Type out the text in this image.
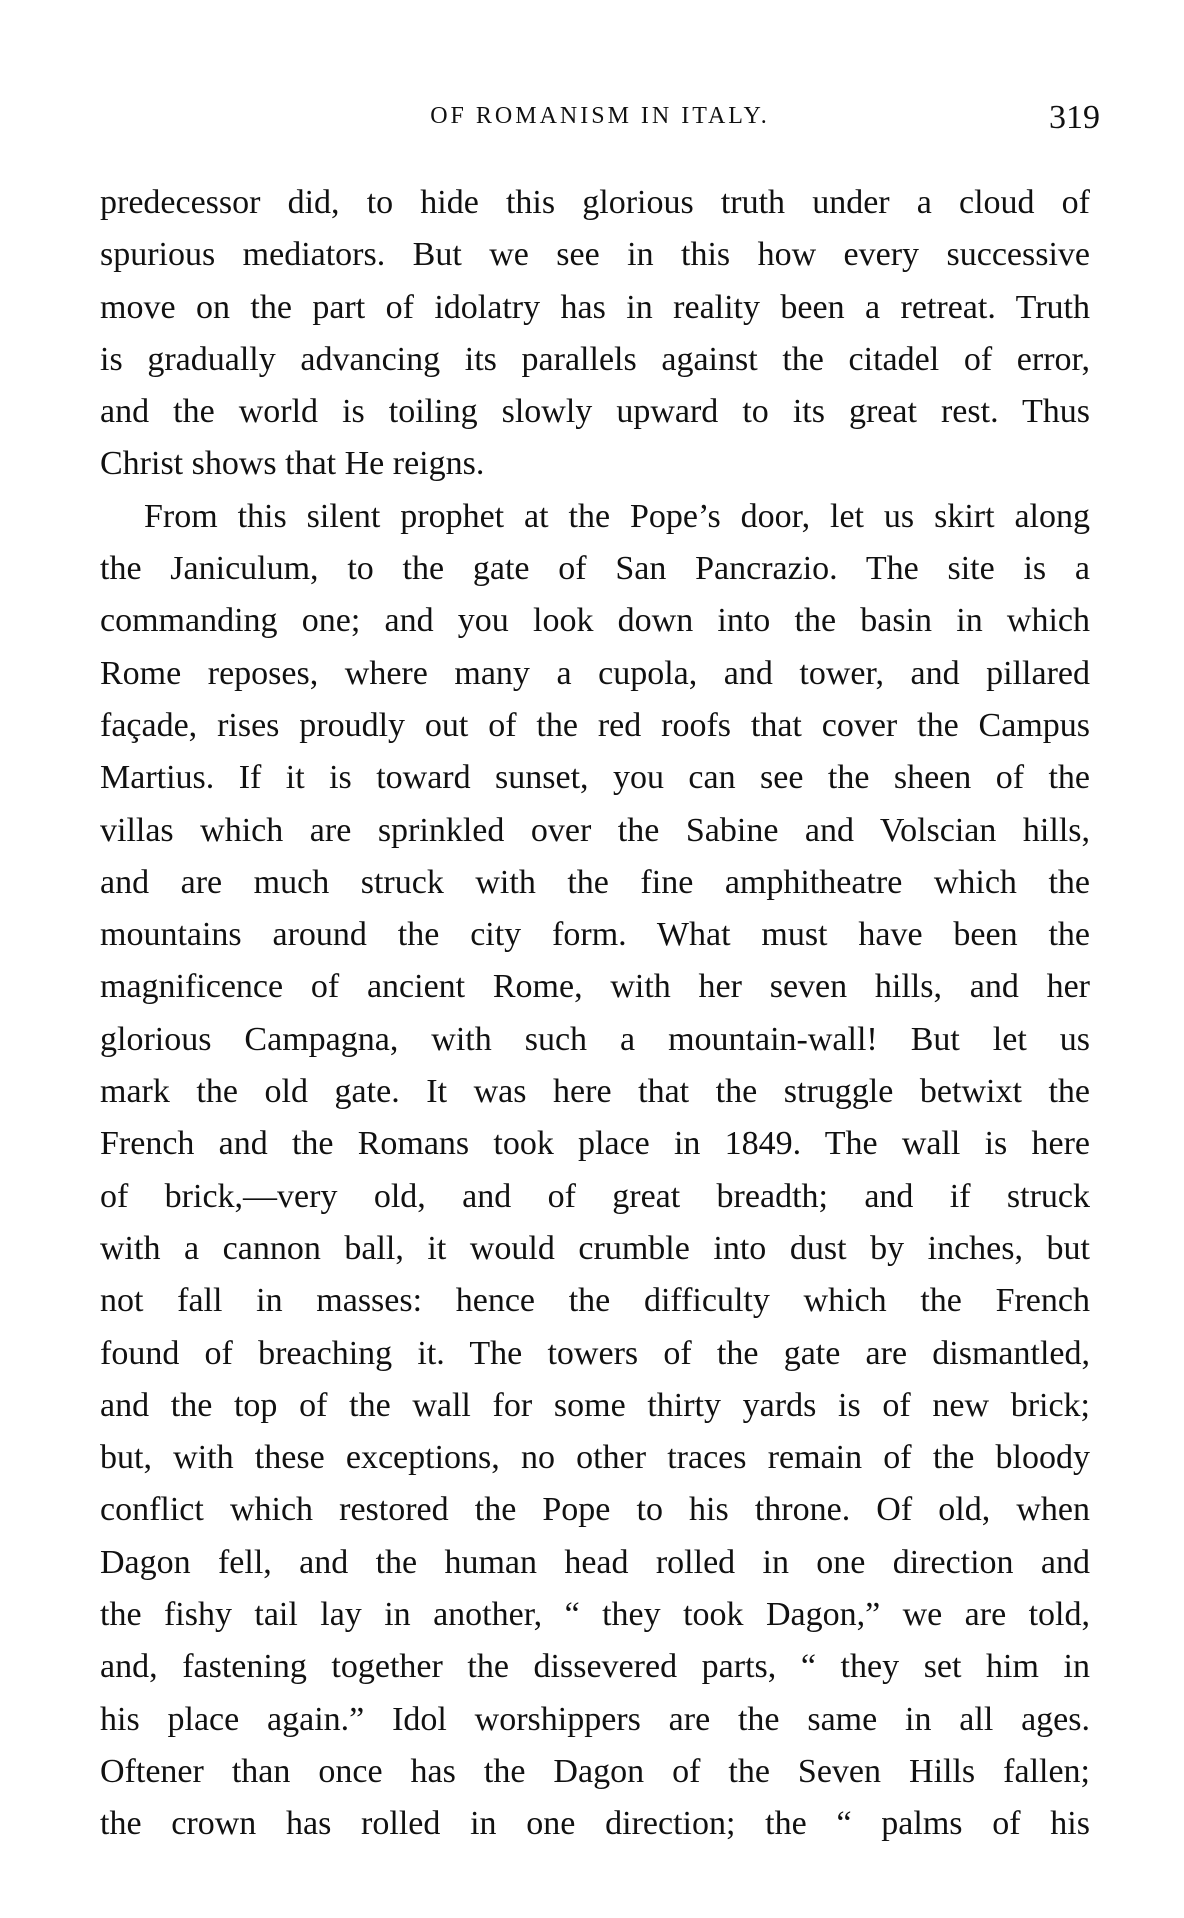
OF ROMANISM IN ITALY.	319
predecessor did, to hide this glorious truth under a cloud of
spurious mediators. But we see in this how every successive
move on the part of idolatry has in reality been a retreat. Truth
is gradually advancing its parallels against the citadel of error,
and the world is toiling slowly upward to its great rest. Thus
Christ shows that He reigns.
From this silent prophet at the Pope’s door, let us skirt along
the Janiculum, to the gate of San Pancrazio. The site is a
commanding one; and you look down into the basin in which
Rome reposes, where many a cupola, and tower, and pillared
façade, rises proudly out of the red roofs that cover the Campus
Martius. If it is toward sunset, you can see the sheen of the
villas which are sprinkled over the Sabine and Volscian hills,
and are much struck with the fine amphitheatre which the
mountains around the city form. What must have been the
magnificence of ancient Rome, with her seven hills, and her
glorious Campagna, with such a mountain-wall! But let us
mark the old gate. It was here that the struggle betwixt the
French and the Romans took place in 1849. The wall is here
of brick,—very old, and of great breadth; and if struck
with a cannon ball, it would crumble into dust by inches, but
not fall in masses: hence the difficulty which the French
found of breaching it. The towers of the gate are dismantled,
and the top of the wall for some thirty yards is of new brick;
but, with these exceptions, no other traces remain of the bloody
conflict which restored the Pope to his throne. Of old, when
Dagon fell, and the human head rolled in one direction and
the fishy tail lay in another, “ they took Dagon,” we are told,
and, fastening together the dissevered parts, “ they set him in
his place again.” Idol worshippers are the same in all ages.
Oftener than once has the Dagon of the Seven Hills fallen;
the crown has rolled in one direction; the “ palms of his
